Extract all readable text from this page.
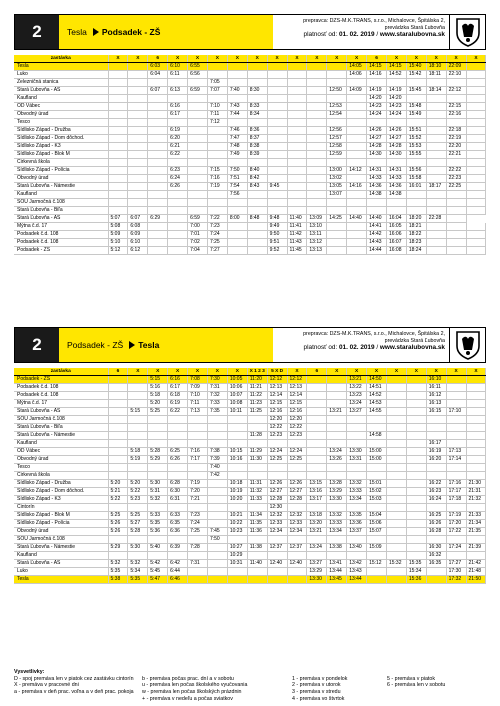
2	Tesla Podsadek - ZŠ
prepravca: DZS-M.K.TRANS, s.r.o., Michalovce, Špitálska 2,
prevádzka Stará Ľubovňa
platnosť od: 01. 02. 2019 / www.staralubovna.sk
zastávka	X	X	6	X	X	X	X	X	X	X	X	X	X	6	X	X	X	X	X
Tesla			6:03	6:10	6:55								14:05	14:15	14:15	15:40	18:10	22:09	
Luko			6:04	6:11	6:56								14:06	14:16	14:52	15:42	18:11	22:10	
Železničná stanica						7:05													
Stará Ľubovňa - AS			6:07	6:13	6:59	7:07	7:40	8:30				12:50	14:09	14:19	14:19	15:45	18:14	22:12	
Kaufland														14:20	14:20				
OD Vábec				6:16		7:10	7:43	8:33				12:53		14:23	14:23	15:48		22:15	
Obvodný úrad				6:17		7:11	7:44	8:34				12:54		14:24	14:24	15:49		22:16	
Tesco						7:12													
Sídlisko Západ - Družba				6:19			7:46	8:36				12:56		14:26	14:26	15:51		22:18	
Sídlisko Západ - Dom dôchod.				6:20			7:47	8:37				12:57		14:27	14:27	15:52		22:19	
Sídlisko Západ - K3				6:21			7:48	8:38				12:58		14:28	14:28	15:53		22:20	
Sídlisko Západ - Blok M				6:22			7:49	8:39				12:59		14:30	14:30	15:55		22:21	
Cirkevná škola																			
Sídlisko Západ - Polícia				6:23		7:15	7:50	8:40				13:00	14:12	14:31	14:31	15:56		22:22	
Obvodný úrad				6:24		7:16	7:51	8:42				13:02		14:33	14:33	15:58		22:23	
Stará Ľubovňa - Námestie				6:26		7:19	7:54	8:43	9:45			13:05	14:16	14:36	14:36	16:01	18:17	22:25	
Kaufland							7:56					13:07		14:38	14:38				
SOU Jarmočná č.108																			
Stará Ľubovňa - Biľa																			
Stará Ľubovňa - AS	5:07	6:07	6:29		6:59	7:22	8:00	8:48	9:48	11:40	13:09	14:25	14:40	14:40	16:04	18:20	22:28		
Mýtna č.d. 17	5:08	6:08			7:00	7:23			9:49	11:41	13:10			14:41	16:05	18:21			
Podsadek č.d. 108	5:09	6:09			7:01	7:24			9:50	11:42	13:11			14:42	16:06	18:22			
Podsadek č.d. 108	5:10	6:10			7:02	7:25			9:51	11:43	13:12			14:43	16:07	18:23			
Podsadek - ZŠ	5:12	6:12			7:04	7:27			9:52	11:45	13:13			14:44	16:08	18:24			
2	Podsadek - ZŠ Tesla
prepravca: DZS-M.K.TRANS, s.r.o., Michalovce, Špitálska 2,
prevádzka Stará Ľubovňa
platnosť od: 01. 02. 2019 / www.staralubovna.sk
zastávka	6	X	X	X	X	X	X	X 1 2 3	5 X D	X	6	X	X	X	X	X	X	X	X
Podsadek - ZŠ			5:15	6:16	7:08	7:30	10:05	11:20	12:12	12:12			13:21	14:50			16:10		
Podsadek č.d. 108			5:16	6:17	7:09	7:31	10:06	11:21	12:13	12:13			13:22	14:51			16:11		
Podsadek č.d. 108			5:18	6:18	7:10	7:32	10:07	11:22	12:14	12:14			13:23	14:52			16:12		
Mýtna č.d. 17			5:20	6:19	7:11	7:33	10:08	11:23	12:15	12:15			13:24	14:53			16:13		
Stará Ľubovňa - AS		5:15	5:25	6:22	7:13	7:35	10:11	11:25	12:16	12:16		13:21	13:27	14:55			16:15	17:10	
SOU Jarmočná č.108									12:20	12:20									
Stará Ľubovňa - Biľa									12:22	12:22									
Stará Ľubovňa - Námestie								11:28	12:23	12:23				14:58					
Kaufland																	16:17		
OD Vábec		5:18	5:28	6:25	7:16	7:38	10:15	11:29	12:24	12:24		13:24	13:30	15:00			16:19	17:13	
Obvodný úrad		5:19	5:29	6:26	7:17	7:39	10:16	11:30	12:25	12:25		13:26	13:31	15:00			16:20	17:14	
Tesco						7:40													
Cirkevná škola						7:42													
Sídlisko Západ - Družba	5:20	5:20	5:30	6:28	7:19		10:18	11:31	12:26	12:26	13:15	13:28	13:32	15:01			16:22	17:16	21:30
Sídlisko Západ - Dom dôchod.	5:21	5:22	5:31	6:30	7:20		10:19	11:32	12:27	12:27	13:16	13:29	13:33	15:02			16:23	17:17	21:31
Sídlisko Západ - K3	5:22	5:23	5:32	6:31	7:21		10:20	11:33	12:28	12:28	13:17	13:30	13:34	15:03			16:24	17:18	21:32
Cintorín									12:30										
Sídlisko Západ - Blok M	5:25	5:25	5:33	6:33	7:23		10:21	11:34	12:32	12:32	13:18	13:32	13:35	15:04			16:25	17:19	21:33
Sídlisko Západ - Polícia	5:26	5:27	5:35	6:35	7:24		10:22	11:35	12:33	12:33	13:20	13:33	13:36	15:06			16:26	17:20	21:34
Obvodný úrad	5:26	5:28	5:36	6:36	7:25	7:45	10:23	11:36	12:34	12:34	13:21	13:34	13:37	15:07			16:28	17:22	21:35
SOU Jarmočná č.108						7:50													
Stará Ľubovňa - Námestie	5:29	5:30	5:40	6:39	7:28		10:27	11:38	12:37	12:37	13:24	13:38	13:40	15:09			16:30	17:24	21:39
Kaufland							10:29										16:32		
Stará Ľubovňa - AS	5:32	5:32	5:42	6:42	7:31		10:31	11:40	12:40	12:40	13:27	13:41	13:42	15:12	15:32	15:35	16:35	17:27	21:42
Luko	5:35	5:34	5:45	6:44							13:29	13:44	13:43			15:34		17:30	21:48
Tesla	5:38	5:35	5:47	6:46							13:30	13:45	13:44			15:36		17:32	21:50
Vysvetlivky:
D - spoj premáva len v piatok cez zastávku cintorín
X - premáva v pracovné dni
a - premáva v deň prac. voľna a v deň prac. pokoja
b - premáva počas prac. dní a v sobotu
u - premáva len počas školského vyučovania
w - premáva len počas školských prázdnin
+ - premáva v nedeľu a počas sviatkov
1 - premáva v pondelok
2 - premáva v utorok
3 - premáva v stredu
4 - premáva vo štvrtok
5 - premáva v piatok
6 - premáva len v sobotu
